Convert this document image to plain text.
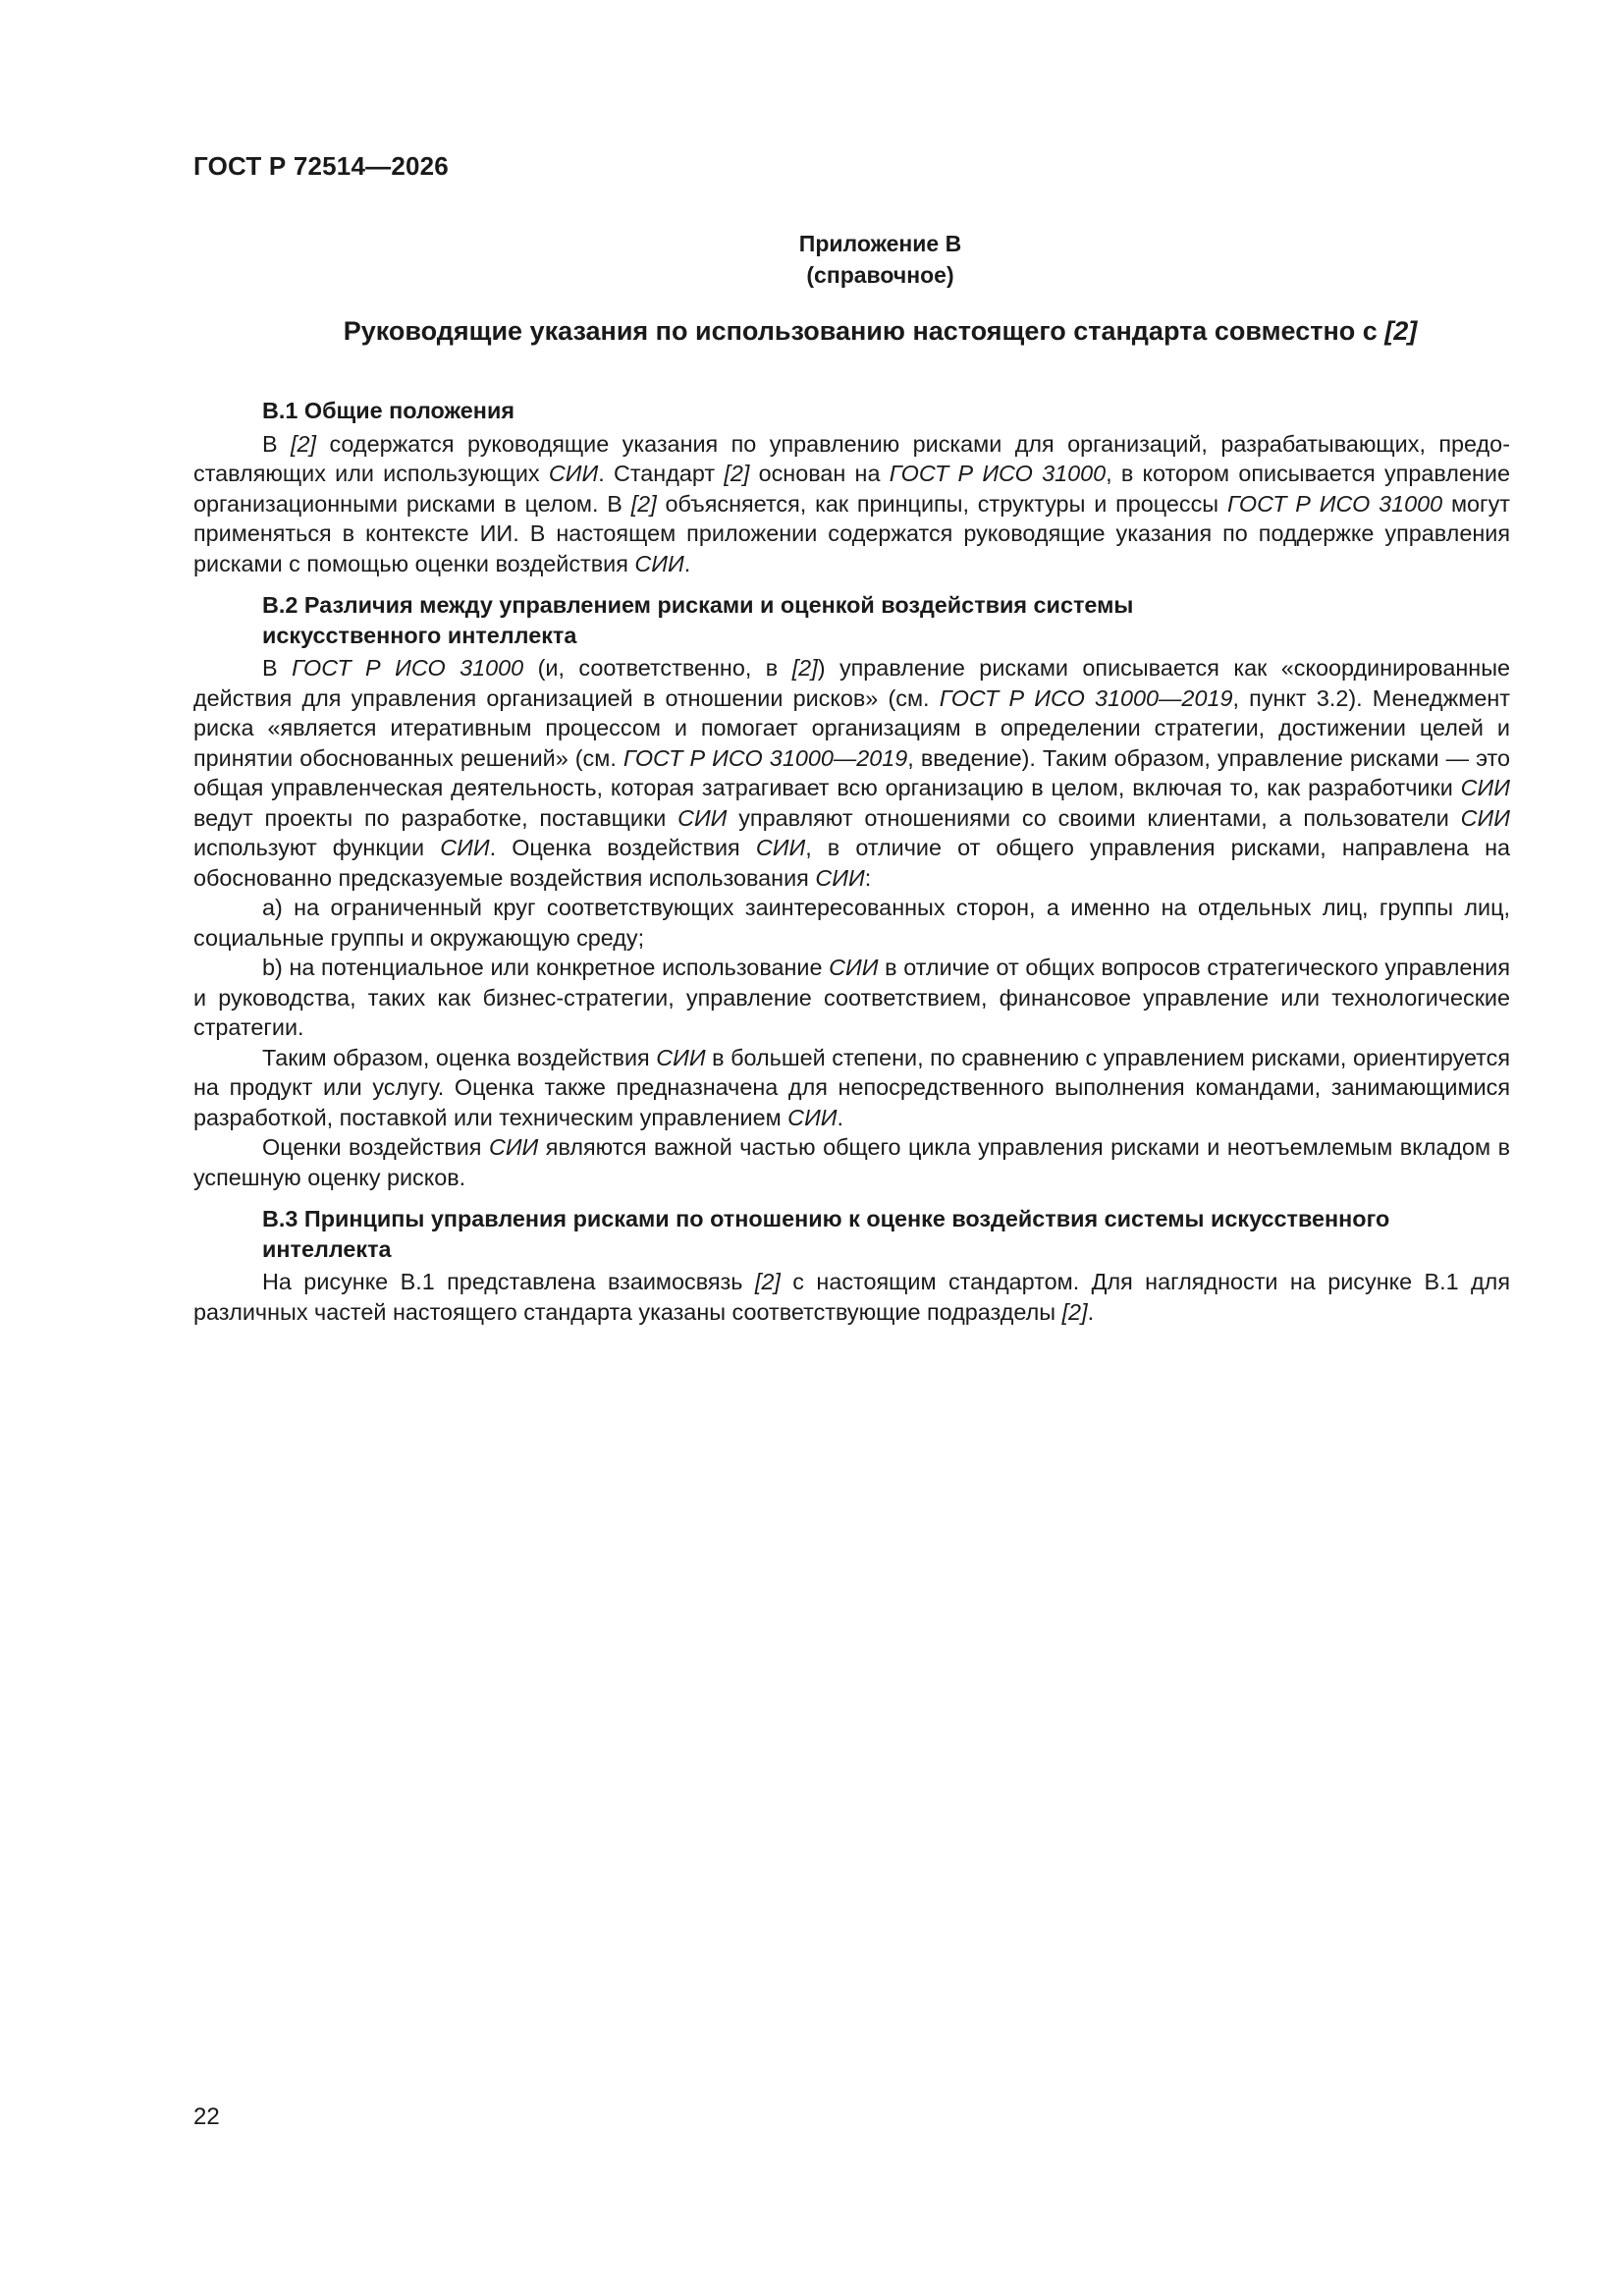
ГОСТ Р 72514—2026
Приложение В
(справочное)
Руководящие указания по использованию настоящего стандарта совместно с [2]
В.1 Общие положения

В [2] содержатся руководящие указания по управлению рисками для организаций, разрабатывающих, предоставляющих или использующих СИИ. Стандарт [2] основан на ГОСТ Р ИСО 31000, в котором описывается управление организационными рисками в целом. В [2] объясняется, как принципы, структуры и процессы ГОСТ Р ИСО 31000 могут применяться в контексте ИИ. В настоящем приложении содержатся руководящие указания по поддержке управления рисками с помощью оценки воздействия СИИ.

В.2 Различия между управлением рисками и оценкой воздействия системы
искусственного интеллекта

В ГОСТ Р ИСО 31000 (и, соответственно, в [2]) управление рисками описывается как «скоординированные действия для управления организацией в отношении рисков» (см. ГОСТ Р ИСО 31000—2019, пункт 3.2). Менеджмент риска «является итеративным процессом и помогает организациям в определении стратегии, достижении целей и принятии обоснованных решений» (см. ГОСТ Р ИСО 31000—2019, введение). Таким образом, управление рисками — это общая управленческая деятельность, которая затрагивает всю организацию в целом, включая то, как разработчики СИИ ведут проекты по разработке, поставщики СИИ управляют отношениями со своими клиентами, а пользователи СИИ используют функции СИИ. Оценка воздействия СИИ, в отличие от общего управления рисками, направлена на обоснованно предсказуемые воздействия использования СИИ:

а) на ограниченный круг соответствующих заинтересованных сторон, а именно на отдельных лиц, группы лиц, социальные группы и окружающую среду;

b) на потенциальное или конкретное использование СИИ в отличие от общих вопросов стратегического управления и руководства, таких как бизнес-стратегии, управление соответствием, финансовое управление или технологические стратегии.

Таким образом, оценка воздействия СИИ в большей степени, по сравнению с управлением рисками, ориентируется на продукт или услугу. Оценка также предназначена для непосредственного выполнения командами, занимающимися разработкой, поставкой или техническим управлением СИИ.

Оценки воздействия СИИ являются важной частью общего цикла управления рисками и неотъемлемым вкладом в успешную оценку рисков.

В.3 Принципы управления рисками по отношению к оценке воздействия системы искусственного
интеллекта

На рисунке В.1 представлена взаимосвязь [2] с настоящим стандартом. Для наглядности на рисунке В.1 для различных частей настоящего стандарта указаны соответствующие подразделы [2].

22
